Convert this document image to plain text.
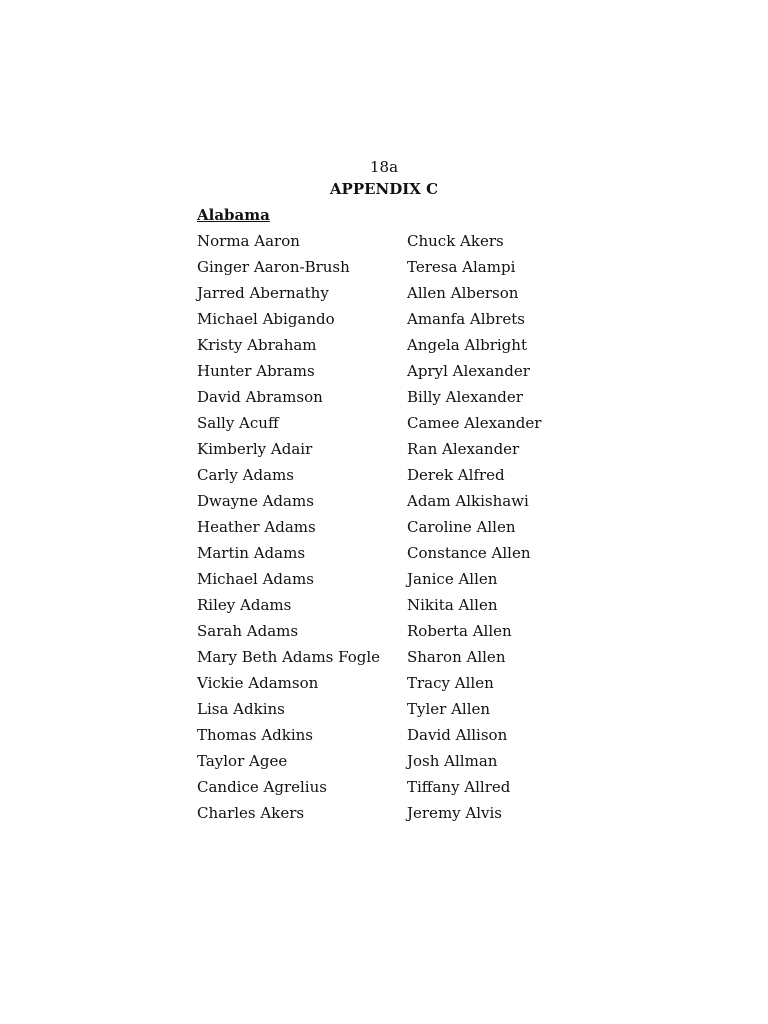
18a
APPENDIX C
Alabama
Norma Aaron
Ginger Aaron-Brush
Jarred Abernathy
Michael Abigando
Kristy Abraham
Hunter Abrams
David Abramson
Sally Acuff
Kimberly Adair
Carly Adams
Dwayne Adams
Heather Adams
Martin Adams
Michael Adams
Riley Adams
Sarah Adams
Mary Beth Adams Fogle
Vickie Adamson
Lisa Adkins
Thomas Adkins
Taylor Agee
Candice Agrelius
Charles Akers
Chuck Akers
Teresa Alampi
Allen Alberson
Amanfa Albrets
Angela Albright
Apryl Alexander
Billy Alexander
Camee Alexander
Ran Alexander
Derek Alfred
Adam Alkishawi
Caroline Allen
Constance Allen
Janice Allen
Nikita Allen
Roberta Allen
Sharon Allen
Tracy Allen
Tyler Allen
David Allison
Josh Allman
Tiffany Allred
Jeremy Alvis
